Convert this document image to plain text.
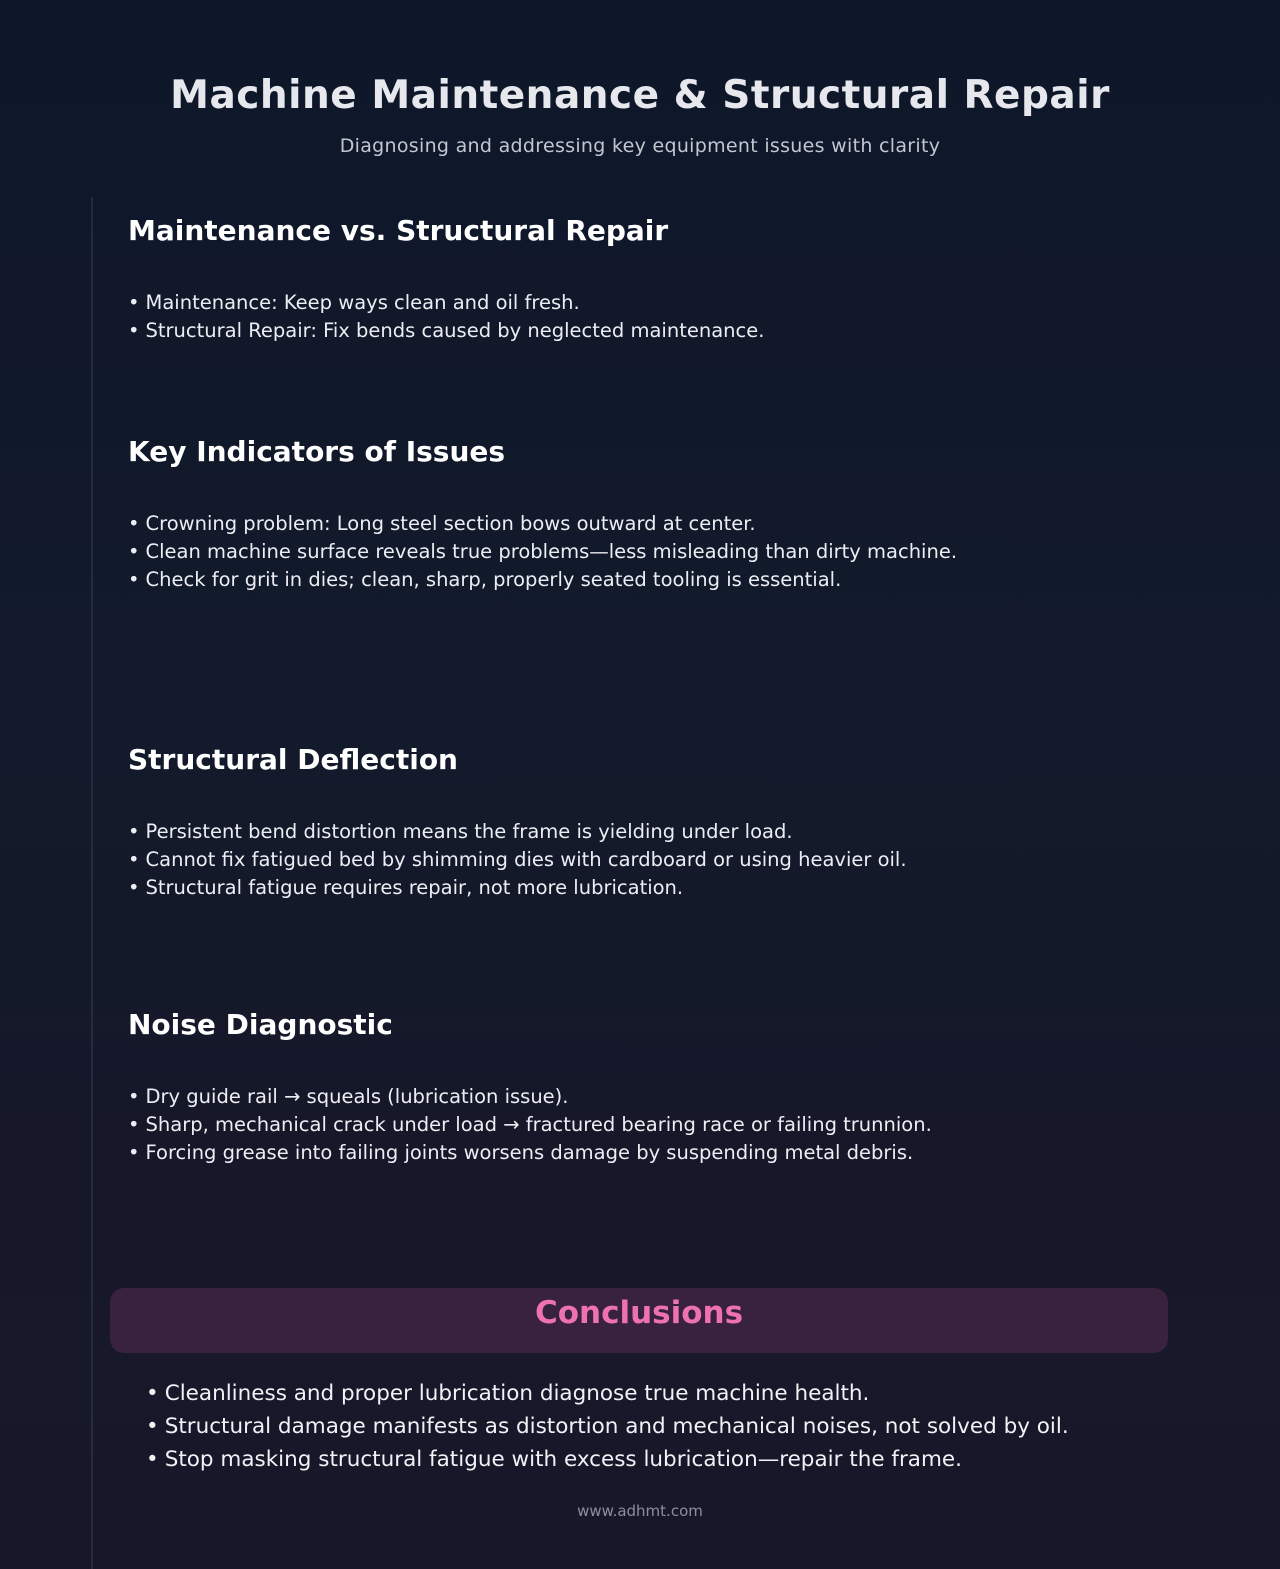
Machine Maintenance & Structural Repair

Diagnosing and addressing key equipment issues with clarity

Maintenance vs. Structural Repair
• Maintenance: Keep ways clean and oil fresh.
• Structural Repair: Fix bends caused by neglected maintenance.
Key Indicators of Issues
• Crowning problem: Long steel section bows outward at center.
• Clean machine surface reveals true problems—less misleading than dirty machine.
• Check for grit in dies; clean, sharp, properly seated tooling is essential.
Structural Deflection
• Persistent bend distortion means the frame is yielding under load.
• Cannot fix fatigued bed by shimming dies with cardboard or using heavier oil.
• Structural fatigue requires repair, not more lubrication.
Noise Diagnostic
• Dry guide rail → squeals (lubrication issue).
• Sharp, mechanical crack under load → fractured bearing race or failing trunnion.
• Forcing grease into failing joints worsens damage by suspending metal debris.
Conclusions
• Cleanliness and proper lubrication diagnose true machine health.
• Structural damage manifests as distortion and mechanical noises, not solved by oil.
• Stop masking structural fatigue with excess lubrication—repair the frame.
www.adhmt.com
